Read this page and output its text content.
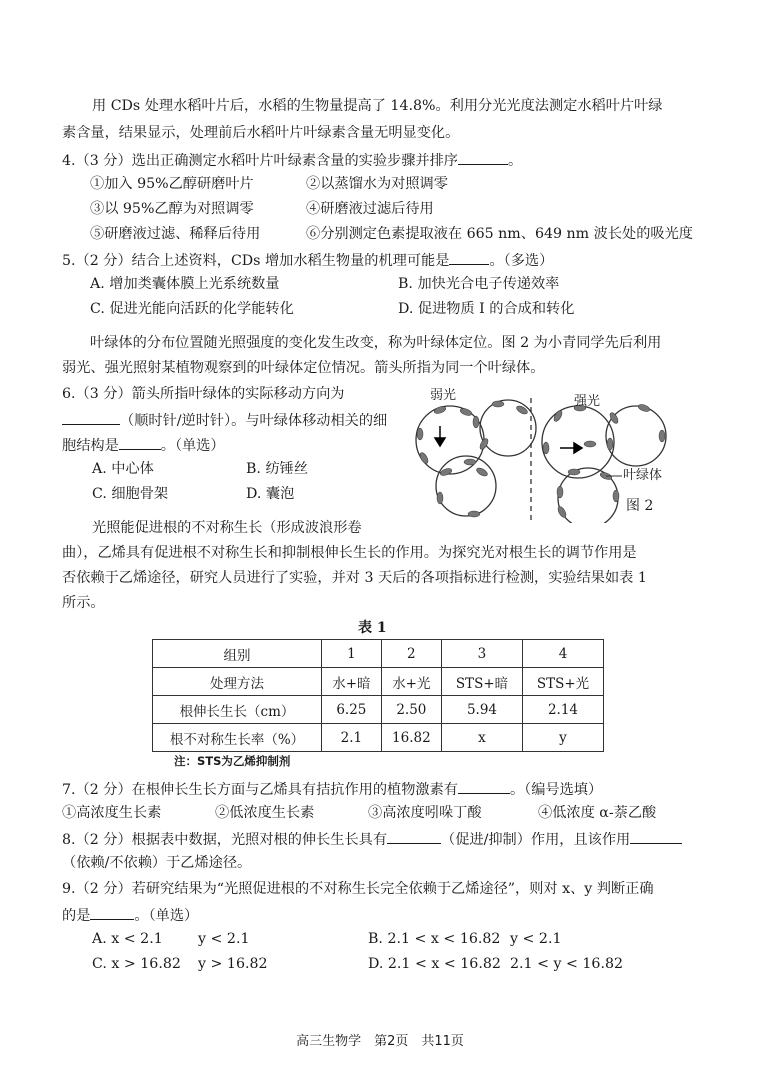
用 CDs 处理水稻叶片后，水稻的生物量提高了 14.8%。利用分光光度法测定水稻叶片叶绿
素含量，结果显示，处理前后水稻叶片叶绿素含量无明显变化。
4.（3 分）选出正确测定水稻叶片叶绿素含量的实验步骤并排序	。
①加入 95%乙醇研磨叶片	②以蒸馏水为对照调零
③以 95%乙醇为对照调零	④研磨液过滤后待用
⑤研磨液过滤、稀释后待用	⑥分别测定色素提取液在 665 nm、649 nm 波长处的吸光度
5.（2 分）结合上述资料，CDs 增加水稻生物量的机理可能是	。（多选）
A. 增加类囊体膜上光系统数量	B. 加快光合电子传递效率
C. 促进光能向活跃的化学能转化	D. 促进物质 I 的合成和转化
叶绿体的分布位置随光照强度的变化发生改变，称为叶绿体定位。图 2 为小青同学先后利用
弱光、强光照射某植物观察到的叶绿体定位情况。箭头所指为同一个叶绿体。
6.（3 分）箭头所指叶绿体的实际移动方向为
（顺时针/逆时针）。与叶绿体移动相关的细
胞结构是	。（单选）
A. 中心体	B. 纺锤丝
C. 细胞骨架	D. 囊泡
弱光	强光
叶绿体
图 2
光照能促进根的不对称生长（形成波浪形卷
曲），乙烯具有促进根不对称生长和抑制根伸长生长的作用。为探究光对根生长的调节作用是
否依赖于乙烯途径，研究人员进行了实验，并对 3 天后的各项指标进行检测，实验结果如表 1
所示。
表 1
组别	1	2	3	4
处理方法	水+暗	水+光	STS+暗	STS+光
根伸长生长（cm）	6.25	2.50	5.94	2.14
根不对称生长率（%）	2.1	16.82	x	y
注：STS为乙烯抑制剂
7.（2 分）在根伸长生长方面与乙烯具有拮抗作用的植物激素有	。（编号选填）
①高浓度生长素	②低浓度生长素	③高浓度吲哚丁酸	④低浓度 α-萘乙酸
8.（2 分）根据表中数据，光照对根的伸长生长具有	（促进/抑制）作用，且该作用
（依赖/不依赖）于乙烯途径。
9.（2 分）若研究结果为“光照促进根的不对称生长完全依赖于乙烯途径”，则对 x、y 判断正确
的是	。（单选）
A. x < 2.1 y < 2.1	B. 2.1 < x < 16.82 y < 2.1
C. x > 16.82 y > 16.82	D. 2.1 < x < 16.82 2.1 < y < 16.82
高三生物学　第2页　共11页
